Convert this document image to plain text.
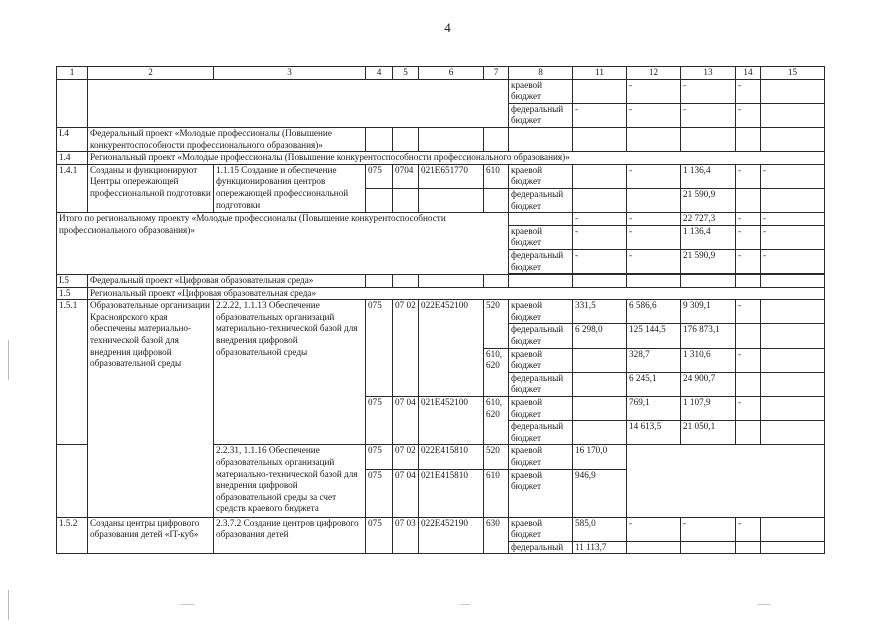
4
1	2	3	4	5	6	7	8	11	12	13	14	15
							краевой бюджет		-	-	-	
							федеральный бюджет	-	-	-	-	
I.4	Федеральный проект «Молодые профессионалы (Повышение конкурентоспособности профессионального образования)»											
1.4	Региональный проект «Молодые профессионалы (Повышение конкурентоспособности профессионального образования)»											
1.4.1	Созданы и функционируют Центры опережающей профессиональной подготовки	1.1.15 Создание и обеспечение функционирования центров опережающей профессиональной подготовки	075	0704	021E651770	610	краевой бюджет		-	1 136,4	-	-
							федеральный бюджет			21 590,9		
Итого по региональному проекту «Молодые профессионалы (Повышение конкурентоспособности профессионального образования)»								-	-	22 727,3	-	-
							краевой бюджет	-	-	1 136,4	-	-
							федеральный бюджет	-	-	21 590,9	-	-

I.5	Федеральный проект «Цифровая образовательная среда»											
1.5	Региональный проект «Цифровая образовательная среда»											
1.5.1	Образовательные организации Красноярского края обеспечены материально-технической базой для внедрения цифровой образовательной среды	2.2.22, 1.1.13 Обеспечение образовательных организаций материально-технической базой для внедрения цифровой образовательной среды	075	07 02	022E452100	520	краевой бюджет	331,5	6 586,6	9 309,1	-	
							федеральный бюджет	6 298,0	125 144,5	176 873,1		
						610, 620	краевой бюджет		328,7	1 310,6	-	
							федеральный бюджет		6 245,1	24 900,7		
			075	07 04	021E452100	610, 620	краевой бюджет		769,1	1 107,9	-	
							федеральный бюджет		14 613,5	21 050,1		
		2.2.31, 1.1.16 Обеспечение образовательных организаций материально-технической базой для внедрения цифровой образовательной среды за счет средств краевого бюджета	075	07 02	022E415810	520	краевой бюджет	16 170,0				
			075	07 04	021E415810	610	краевой бюджет	946,9				
1.5.2	Созданы центры цифрового образования детей «IT-куб»	2.3.7.2 Создание центров цифрового образования детей	075	07 03	022E452190	630	краевой бюджет	585,0	-	-	-	
							федеральный	11 113,7				
